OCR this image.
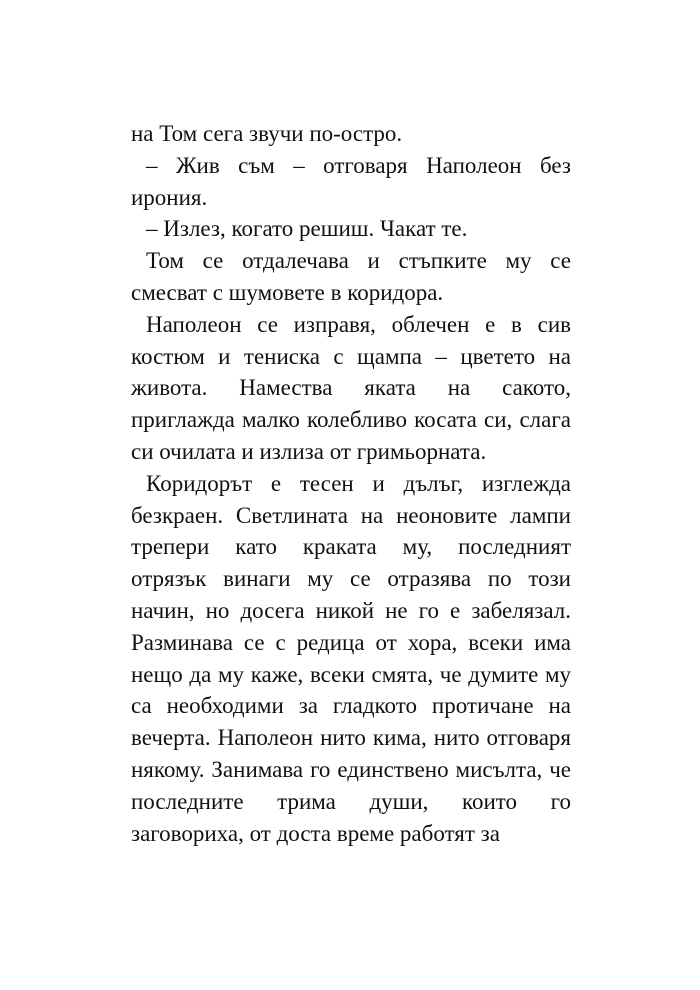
на Том сега звучи по-остро.

– Жив съм – отговаря Наполеон без ирония.

– Излез, когато решиш. Чакат те.

Том се отдалечава и стъпките му се смесват с шумовете в коридора.

Наполеон се изправя, облечен е в сив костюм и тениска с щампа – цветето на живота. Намества яката на сакото, приглажда малко колебливо косата си, слага си очилата и излиза от гримьорната.

Коридорът е тесен и дълъг, изглежда безкраен. Светлината на неоновите лампи трепери като краката му, последният отрязък винаги му се отразява по този начин, но досега никой не го е забелязал. Разминава се с редица от хора, всеки има нещо да му каже, всеки смята, че думите му са необходими за гладкото протичане на вечерта. Наполеон нито кима, нито отговаря някому. Занимава го единствено мисълта, че последните трима души, които го заговориха, от доста време работят за
